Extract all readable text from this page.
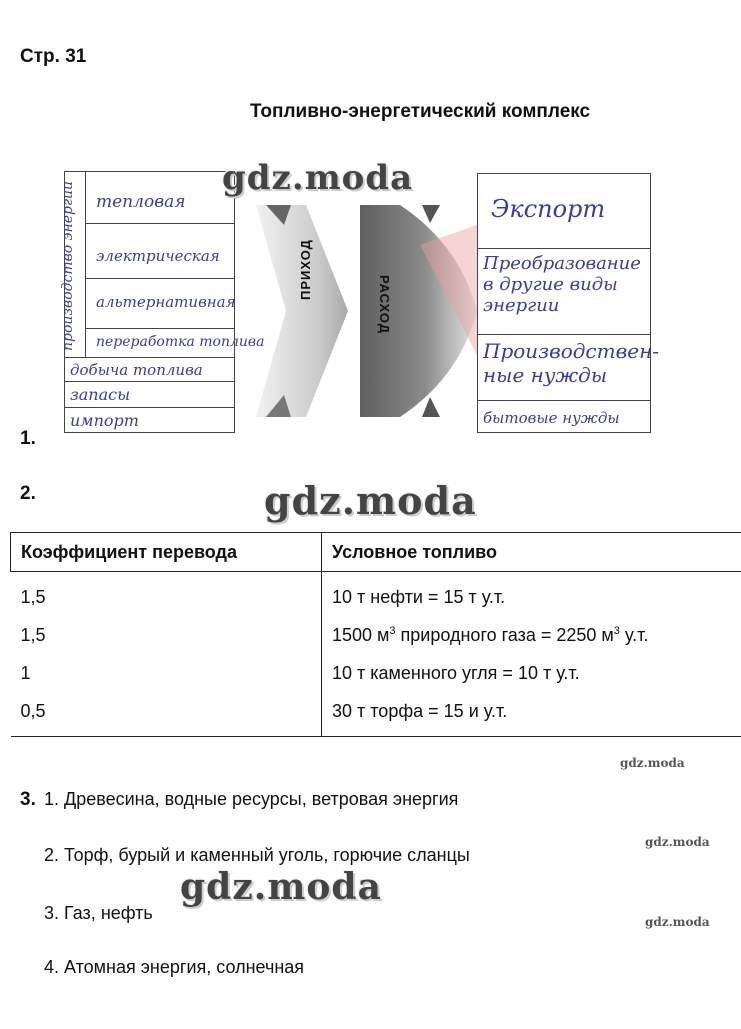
Стр. 31
Топливно-энергетический комплекс
производство энергии	тепловая
электрическая
альтернативная
переработка топлива
добыча топлива
запасы
импорт
ПРИХОД
РАСХОД
Экспорт
Преобразование в другие виды энергии
Производствен-ные нужды
бытовые нужды
1.
2.
Коэффициент перевода	Условное топливо
1,5	10 т нефти = 15 т у.т.
1,5	1500 $м^3$ природного газа = 2250 $м^3$ у.т.
1	10 т каменного угля = 10 т у.т.
0,5	30 т торфа = 15 и у.т.
3. 1. Древесина, водные ресурсы, ветровая энергия
2. Торф, бурый и каменный уголь, горючие сланцы
3. Газ, нефть
4. Атомная энергия, солнечная
gdz.moda
gdz.moda
gdz.moda
gdz.moda
gdz.moda
gdz.moda
